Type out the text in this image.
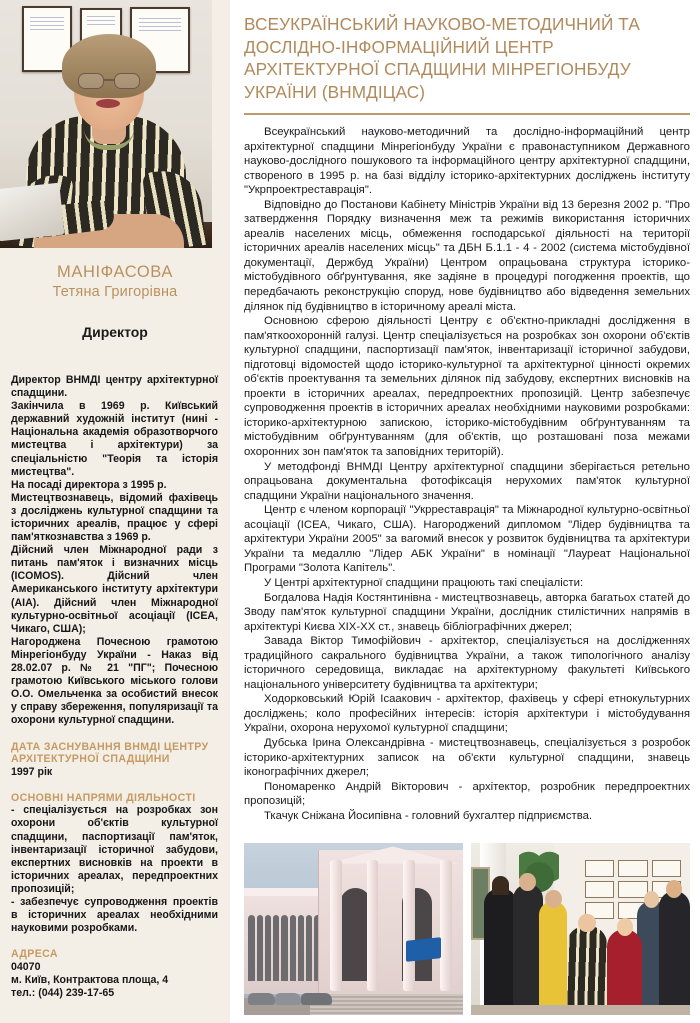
МАНІФАСОВА
Тетяна Григорівна
Директор

Директор ВНМДІ центру архітектурної спадщини.

Закінчила в 1969 р. Київський державний художній інститут (нині - Національна академія образотворчого мистецтва і архітектури) за спеціальністю "Теорія та історія мистецтва".

На посаді директора з 1995 р.

Мистецтвознавець, відомий фахівець з досліджень культурної спадщини та історичних ареалів, працює у сфері пам'яткознавства з 1969 р.

Дійсний член Міжнародної ради з питань пам'яток і визначних місць (ICOMOS). Дійсний член Американського інституту архітектури (AIA). Дійсний член Міжнародної культурно-освітньої асоціації (ICEA, Чикаго, США);

Нагороджена Почесною грамотою Мінрегіонбуду України - Наказ від 28.02.07 р. № 21 "ПГ"; Почесною грамотою Київського міського голови О.О. Омельченка за особистий внесок у справу збереження, популяризації та охорони культурної спадщини.

ДАТА ЗАСНУВАННЯ ВНМДІ ЦЕНТРУ АРХІТЕКТУРНОЇ СПАДЩИНИ
1997 рік
ОСНОВНІ НАПРЯМИ ДІЯЛЬНОСТІ

- спеціалізується на розробках зон охорони об'єктів культурної спадщини, паспортизації пам'яток, інвентаризації історичної забудови, експертних висновків на проекти в історичних ареалах, передпроектних пропозицій;

- забезпечує супроводження проектів в історичних ареалах необхідними науковими розробками.

АДРЕСА

04070

м. Київ, Контрактова площа, 4

тел.: (044) 239-17-65

ВСЕУКРАЇНСЬКИЙ НАУКОВО-МЕТОДИЧНИЙ ТА ДОСЛІДНО-ІНФОРМАЦІЙНИЙ ЦЕНТР АРХІТЕКТУРНОЇ СПАДЩИНИ МІНРЕГІОНБУДУ УКРАЇНИ (ВНМДІЦАС)

Всеукраїнський науково-методичний та дослідно-інформаційний центр архітектурної спадщини Мінрегіонбуду України є правонаступником Державного науково-дослідного пошукового та інформаційного центру архітектурної спадщини, створеного в 1995 р. на базі відділу історико-архітектурних досліджень інституту "Укрпроектреставрація".

Відповідно до Постанови Кабінету Міністрів України від 13 березня 2002 р. "Про затвердження Порядку визначення меж та режимів використання історичних ареалів населених місць, обмеження господарської діяльності на території історичних ареалів населених місць" та ДБН Б.1.1 - 4 - 2002 (система містобудівної документації, Держбуд України) Центром опрацьована структура історико-містобудівного обґрунтування, яке задіяне в процедурі погодження проектів, що передбачають реконструкцію споруд, нове будівництво або відведення земельних ділянок під будівництво в історичному ареалі міста.

Основною сферою діяльності Центру є об'єктно-прикладні дослідження в пам'яткоохоронній галузі. Центр спеціалізується на розробках зон охорони об'єктів культурної спадщини, паспортизації пам'яток, інвентаризації історичної забудови, підготовці відомостей щодо історико-культурної та архітектурної цінності окремих об'єктів проектування та земельних ділянок під забудову, експертних висновків на проекти в історичних ареалах, передпроектних пропозицій. Центр забезпечує супроводження проектів в історичних ареалах необхідними науковими розробками: історико-архітектурною запискою, історико-містобудівним обґрунтуванням та містобудівним обґрунтуванням (для об'єктів, що розташовані поза межами охоронних зон пам'яток та заповідних територій).

У методфонді ВНМДІ Центру архітектурної спадщини зберігається ретельно опрацьована документальна фотофіксація нерухомих пам'яток культурної спадщини України національного значення.

Центр є членом корпорації "Укрреставрація" та Міжнародної культурно-освітньої асоціації (ICEA, Чикаго, США). Нагороджений дипломом "Лідер будівництва та архітектури України 2005" за вагомий внесок у розвиток будівництва та архітектури України та медаллю "Лідер АБК України" в номінації "Лауреат Національної Програми "Золота Капітель".

У Центрі архітектурної спадщини працюють такі спеціалісти:

Богдалова Надія Костянтинівна - мистецтвознавець, авторка багатьох статей до Зводу пам'яток культурної спадщини України, дослідник стилістичних напрямів в архітектурі Києва XIX-XX ст., знавець бібліографічних джерел;

Завада Віктор Тимофійович - архітектор, спеціалізується на дослідженнях традиційного сакрального будівництва України, а також типологічного аналізу історичного середовища, викладає на архітектурному факультеті Київського національного університету будівництва та архітектури;

Ходорковський Юрій Ісаакович - архітектор, фахівець у сфері етнокультурних досліджень; коло професійних інтересів: історія архітектури і містобудування України, охорона нерухомої культурної спадщини;

Дубська Ірина Олександрівна - мистецтвознавець, спеціалізується з розробок історико-архітектурних записок на об'єкти культурної спадщини, знавець іконографічних джерел;

Пономаренко Андрій Вікторович - архітектор, розробник передпроектних пропозицій;

Ткачук Сніжана Йосипівна - головний бухгалтер підприємства.
